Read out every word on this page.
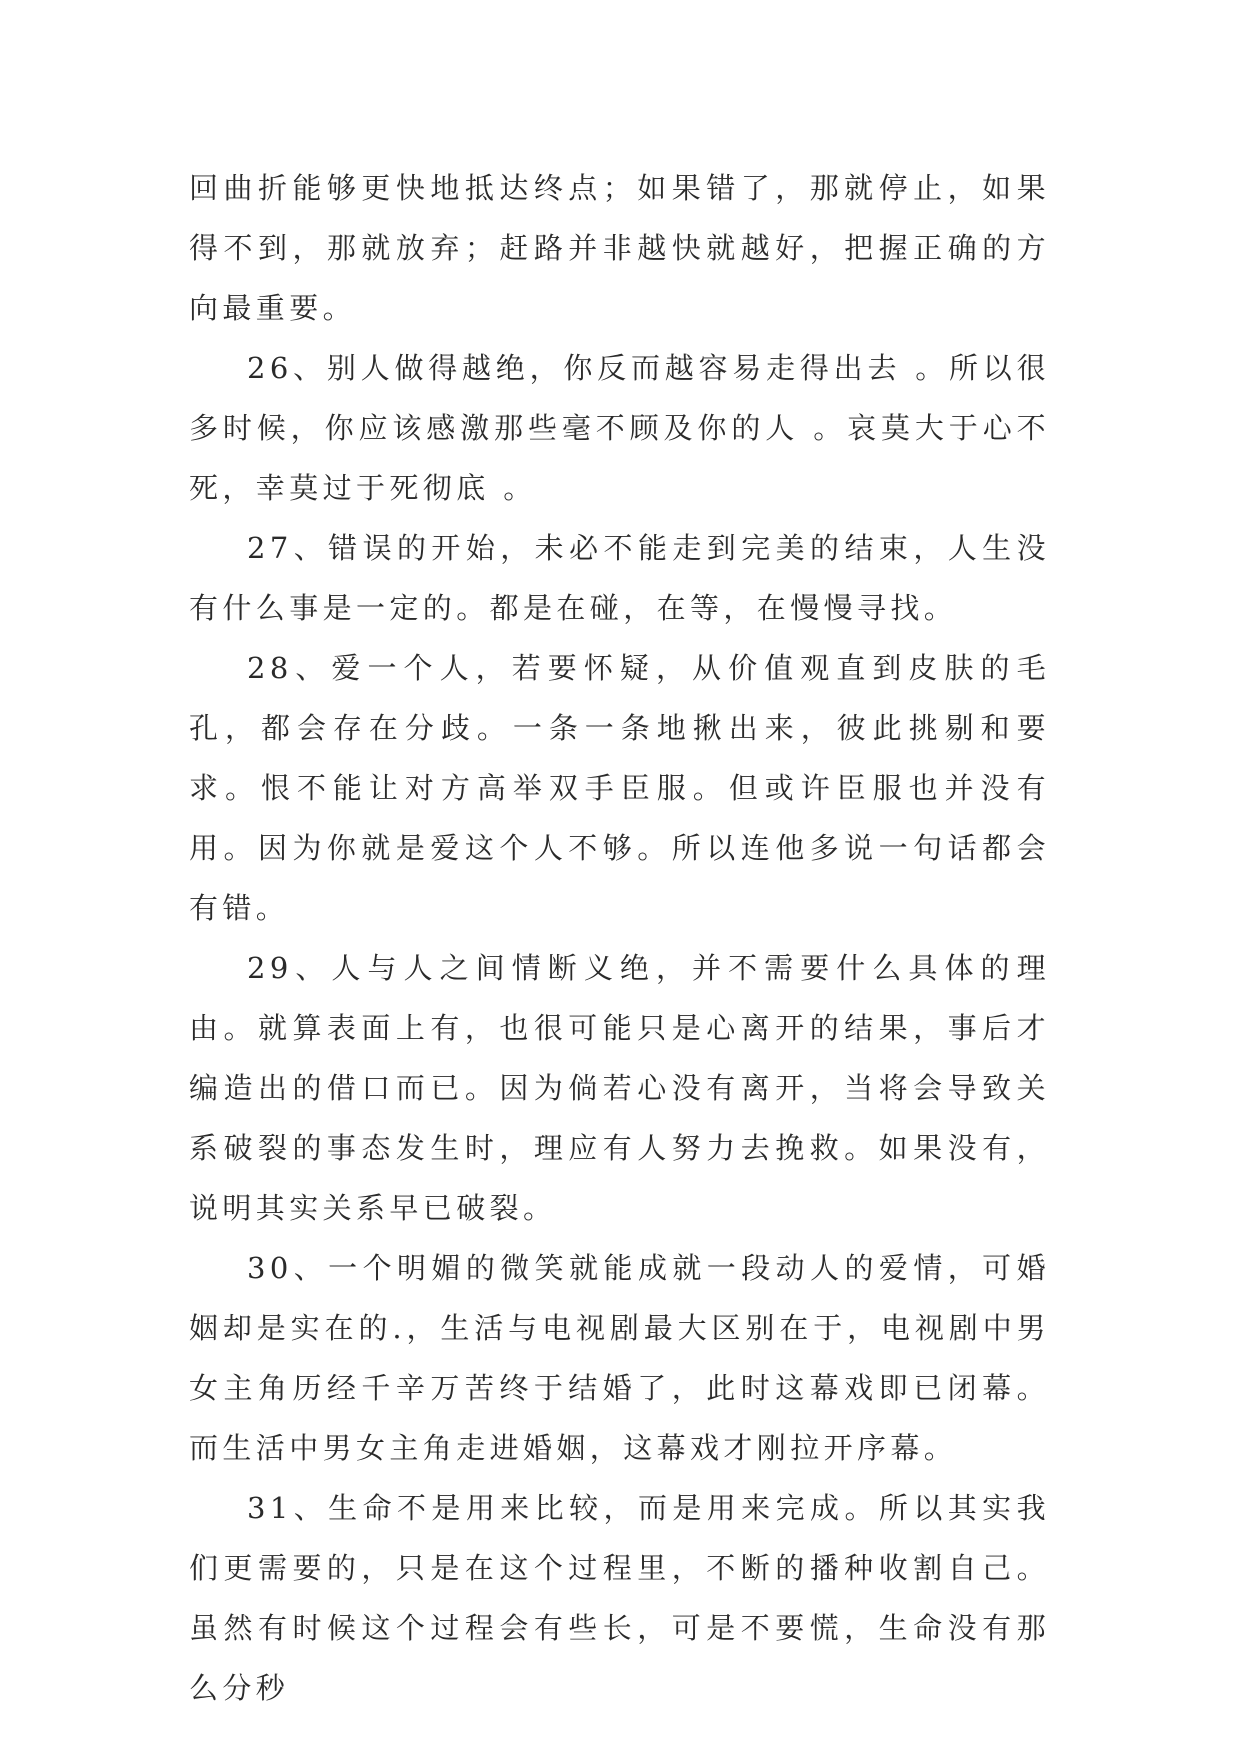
回曲折能够更快地抵达终点；如果错了，那就停止，如果得不到，那就放弃；赶路并非越快就越好，把握正确的方向最重要。

26、别人做得越绝，你反而越容易走得出去 。所以很多时候，你应该感激那些毫不顾及你的人 。哀莫大于心不死，幸莫过于死彻底 。

27、错误的开始，未必不能走到完美的结束，人生没有什么事是一定的。都是在碰，在等，在慢慢寻找。

28、爱一个人，若要怀疑，从价值观直到皮肤的毛孔，都会存在分歧。一条一条地揪出来，彼此挑剔和要求。恨不能让对方高举双手臣服。但或许臣服也并没有用。因为你就是爱这个人不够。所以连他多说一句话都会有错。

29、人与人之间情断义绝，并不需要什么具体的理由。就算表面上有，也很可能只是心离开的结果，事后才编造出的借口而已。因为倘若心没有离开，当将会导致关系破裂的事态发生时，理应有人努力去挽救。如果没有，说明其实关系早已破裂。

30、一个明媚的微笑就能成就一段动人的爱情，可婚姻却是实在的.，生活与电视剧最大区别在于，电视剧中男女主角历经千辛万苦终于结婚了，此时这幕戏即已闭幕。 而生活中男女主角走进婚姻，这幕戏才刚拉开序幕。

31、生命不是用来比较，而是用来完成。所以其实我们更需要的，只是在这个过程里，不断的播种收割自己。虽然有时候这个过程会有些长，可是不要慌，生命没有那么分秒
